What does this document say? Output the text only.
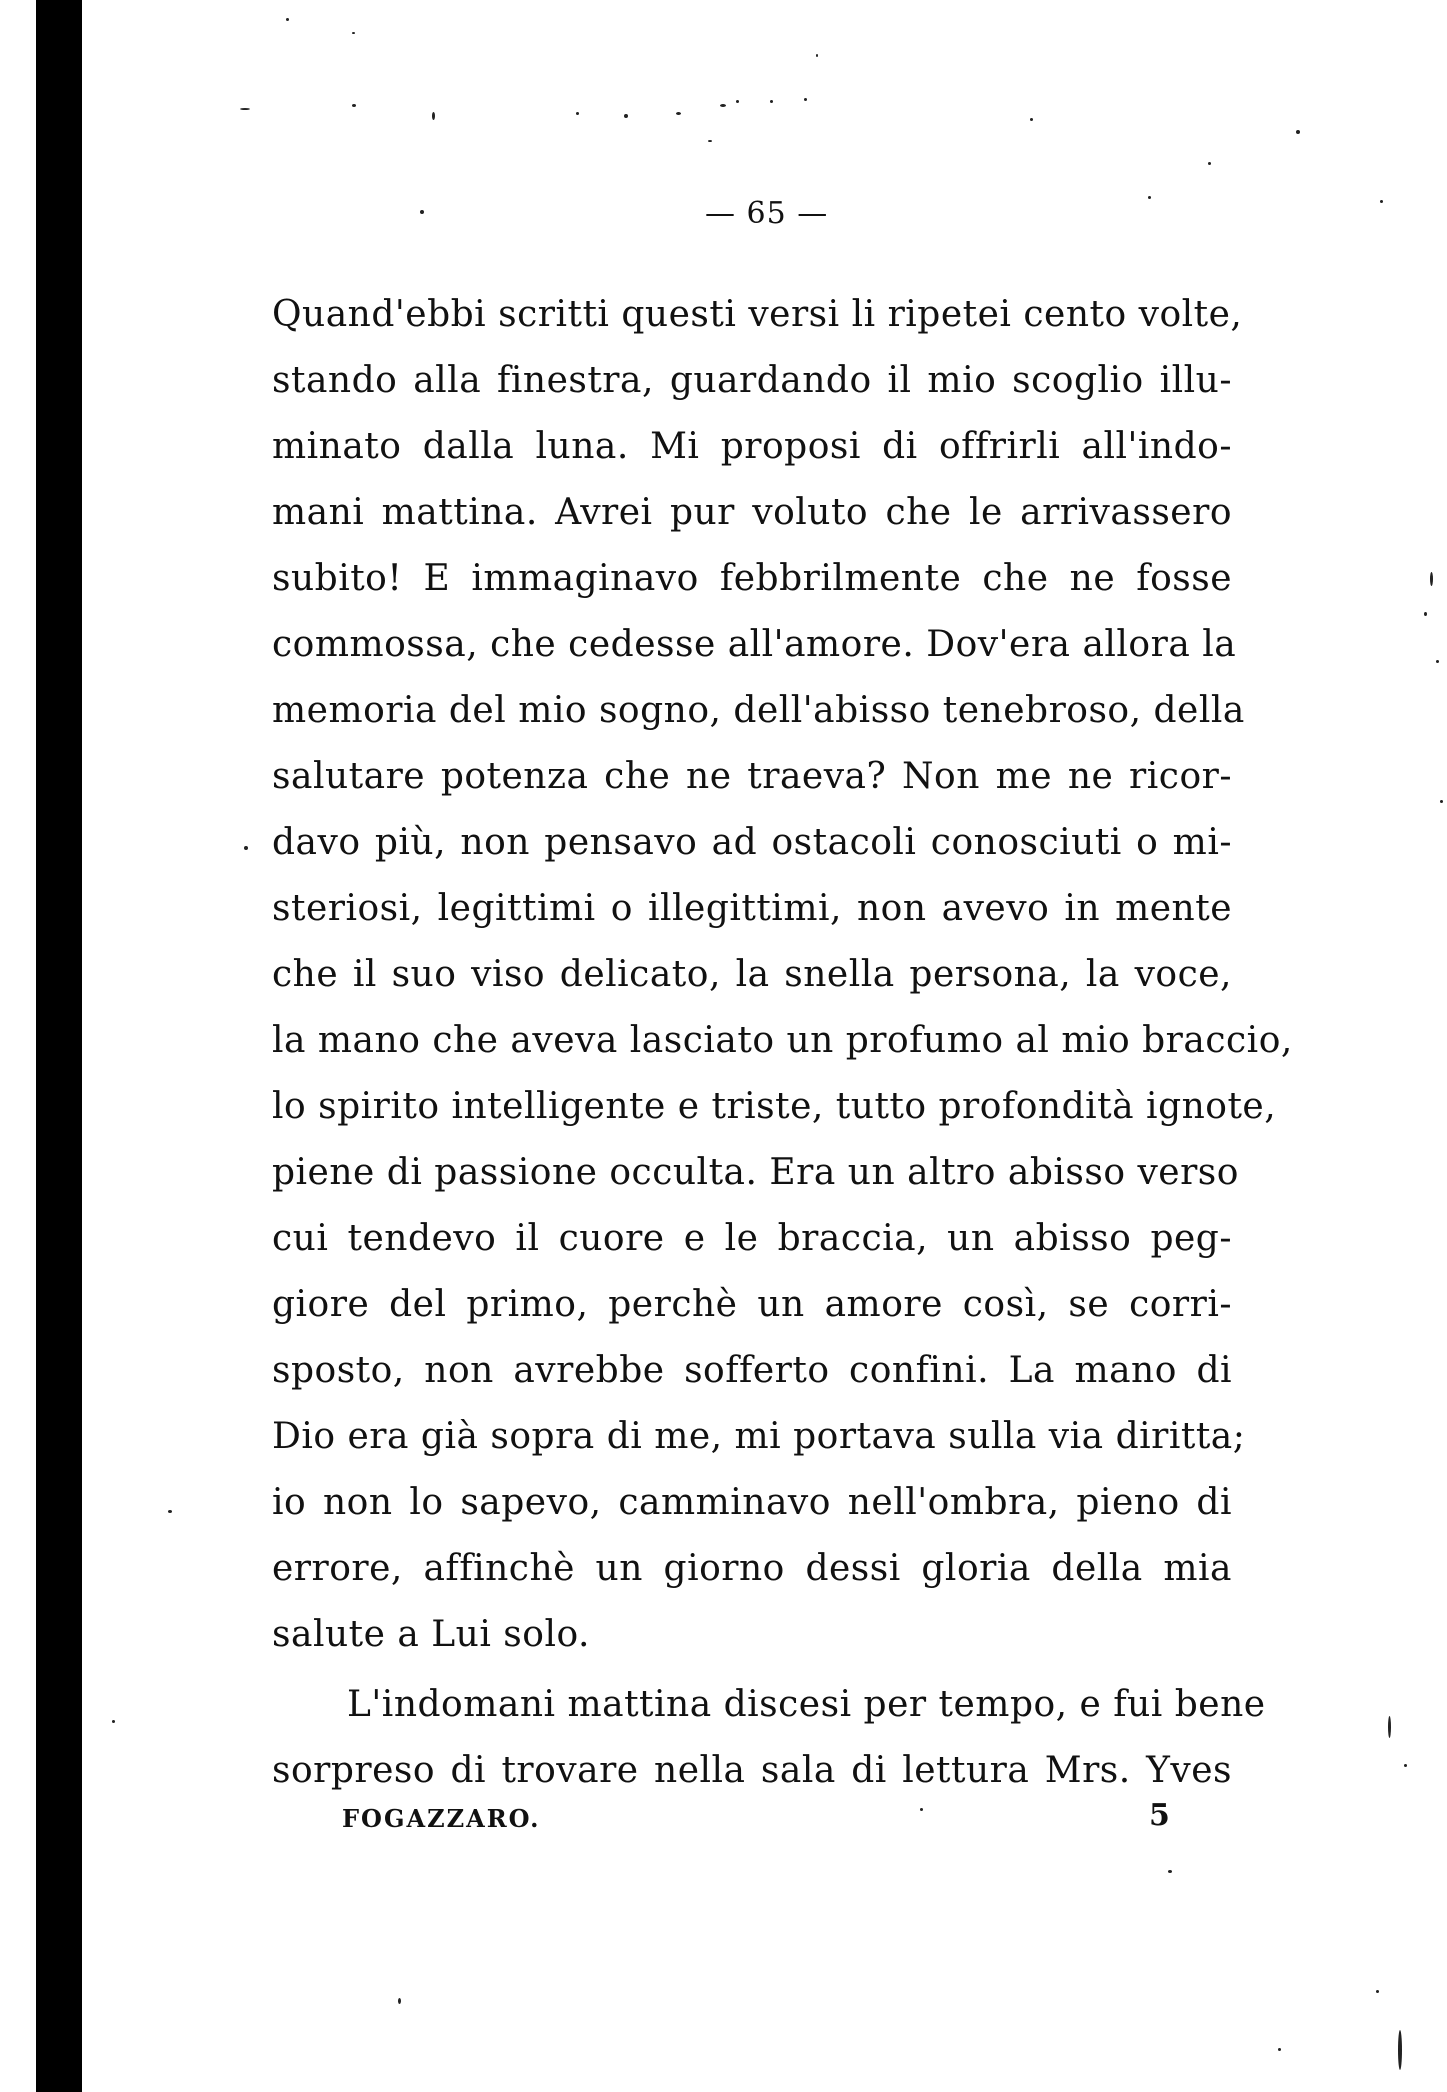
— 65 —
Quand'ebbi scritti questi versi li ripetei cento volte,
stando alla finestra, guardando il mio scoglio illu-
minato dalla luna. Mi proposi di offrirli all'indo-
mani mattina. Avrei pur voluto che le arrivassero
subito! E immaginavo febbrilmente che ne fosse
commossa, che cedesse all'amore. Dov'era allora la
memoria del mio sogno, dell'abisso tenebroso, della
salutare potenza che ne traeva? Non me ne ricor-
davo più, non pensavo ad ostacoli conosciuti o mi-
steriosi, legittimi o illegittimi, non avevo in mente
che il suo viso delicato, la snella persona, la voce,
la mano che aveva lasciato un profumo al mio braccio,
lo spirito intelligente e triste, tutto profondità ignote,
piene di passione occulta. Era un altro abisso verso
cui tendevo il cuore e le braccia, un abisso peg-
giore del primo, perchè un amore così, se corri-
sposto, non avrebbe sofferto confini. La mano di
Dio era già sopra di me, mi portava sulla via diritta;
io non lo sapevo, camminavo nell'ombra, pieno di
errore, affinchè un giorno dessi gloria della mia
salute a Lui solo.
L'indomani mattina discesi per tempo, e fui bene
sorpreso di trovare nella sala di lettura Mrs. Yves
FOGAZZARO.	5
